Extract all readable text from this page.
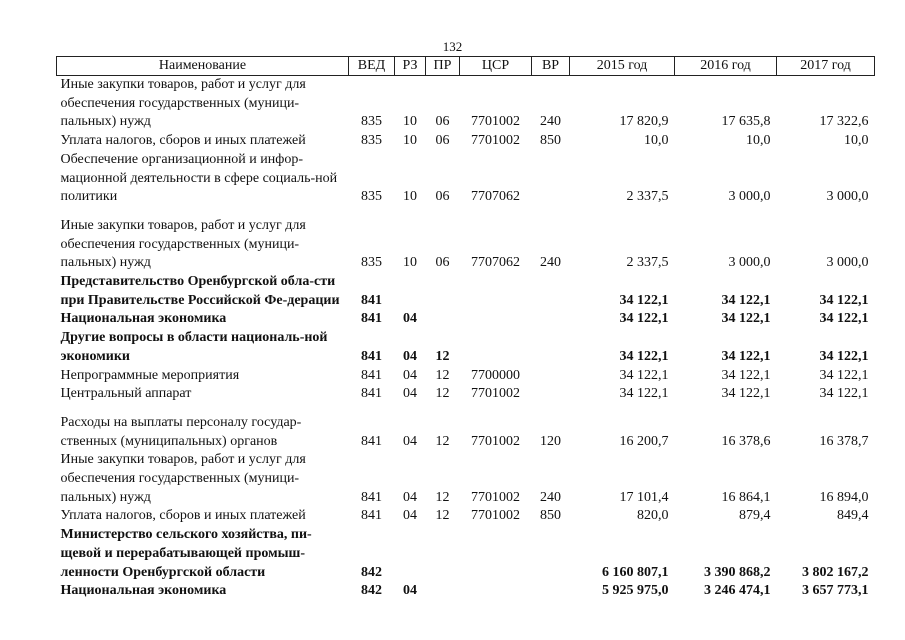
132
Наименование	ВЕД	РЗ	ПР	ЦСР	ВР	2015 год	2016 год	2017 год
Иные закупки товаров, работ и услуг для обеспечения государственных (муници-пальных) нужд	835	10	06	7701002	240	17 820,9	17 635,8	17 322,6
Уплата налогов, сборов и иных платежей	835	10	06	7701002	850	10,0	10,0	10,0
Обеспечение организационной и инфор-мационной деятельности в сфере социаль-ной политики	835	10	06	7707062		2 337,5	3 000,0	3 000,0
Иные закупки товаров, работ и услуг для обеспечения государственных (муници-пальных) нужд	835	10	06	7707062	240	2 337,5	3 000,0	3 000,0
Представительство Оренбургской обла-сти при Правительстве Российской Фе-дерации	841					34 122,1	34 122,1	34 122,1
Национальная экономика	841	04				34 122,1	34 122,1	34 122,1
Другие вопросы в области националь-ной экономики	841	04	12			34 122,1	34 122,1	34 122,1
Непрограммные мероприятия	841	04	12	7700000		34 122,1	34 122,1	34 122,1
Центральный аппарат	841	04	12	7701002		34 122,1	34 122,1	34 122,1
Расходы на выплаты персоналу государ-ственных (муниципальных) органов	841	04	12	7701002	120	16 200,7	16 378,6	16 378,7
Иные закупки товаров, работ и услуг для обеспечения государственных (муници-пальных) нужд	841	04	12	7701002	240	17 101,4	16 864,1	16 894,0
Уплата налогов, сборов и иных платежей	841	04	12	7701002	850	820,0	879,4	849,4
Министерство сельского хозяйства, пи-щевой и перерабатывающей промыш-ленности Оренбургской области	842					6 160 807,1	3 390 868,2	3 802 167,2
Национальная экономика	842	04				5 925 975,0	3 246 474,1	3 657 773,1
